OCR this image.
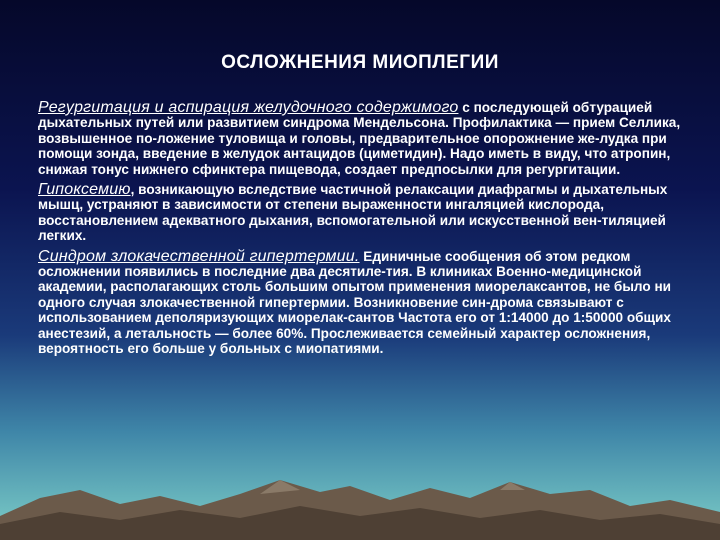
ОСЛОЖНЕНИЯ МИОПЛЕГИИ

Регургитация и аспирация желудочного содержимого с последующей обтурацией дыхательных путей или развитием синдрома Мендельсона. Профилактика — прием Селлика, возвышенное по-ложение туловища и головы, предварительное опорожнение же-лудка при помощи зонда, введение в желудок антацидов (циметидин). Надо иметь в виду, что атропин, снижая тонус нижнего сфинктера пищевода, создает предпосылки для регургитации.

Гипоксемию, возникающую вследствие частичной релаксации диафрагмы и дыхательных мышц, устраняют в зависимости от степени выраженности ингаляцией кислорода, восстановлением адекватного дыхания, вспомогательной или искусственной вен-тиляцией легких.

Синдром злокачественной гипертермии. Единичные сообщения об этом редком осложнении появились в последние два десятиле-тия. В клиниках Военно-медицинской академии, располагающих столь большим опытом применения миорелаксантов, не было ни одного случая злокачественной гипертермии. Возникновение син-дрома связывают с использованием деполяризующих миорелак-сантов Частота его от 1:14000 до 1:50000 общих анестезий, а летальность — более 60%. Прослеживается семейный характер осложнения, вероятность его больше у больных с миопатиями.
